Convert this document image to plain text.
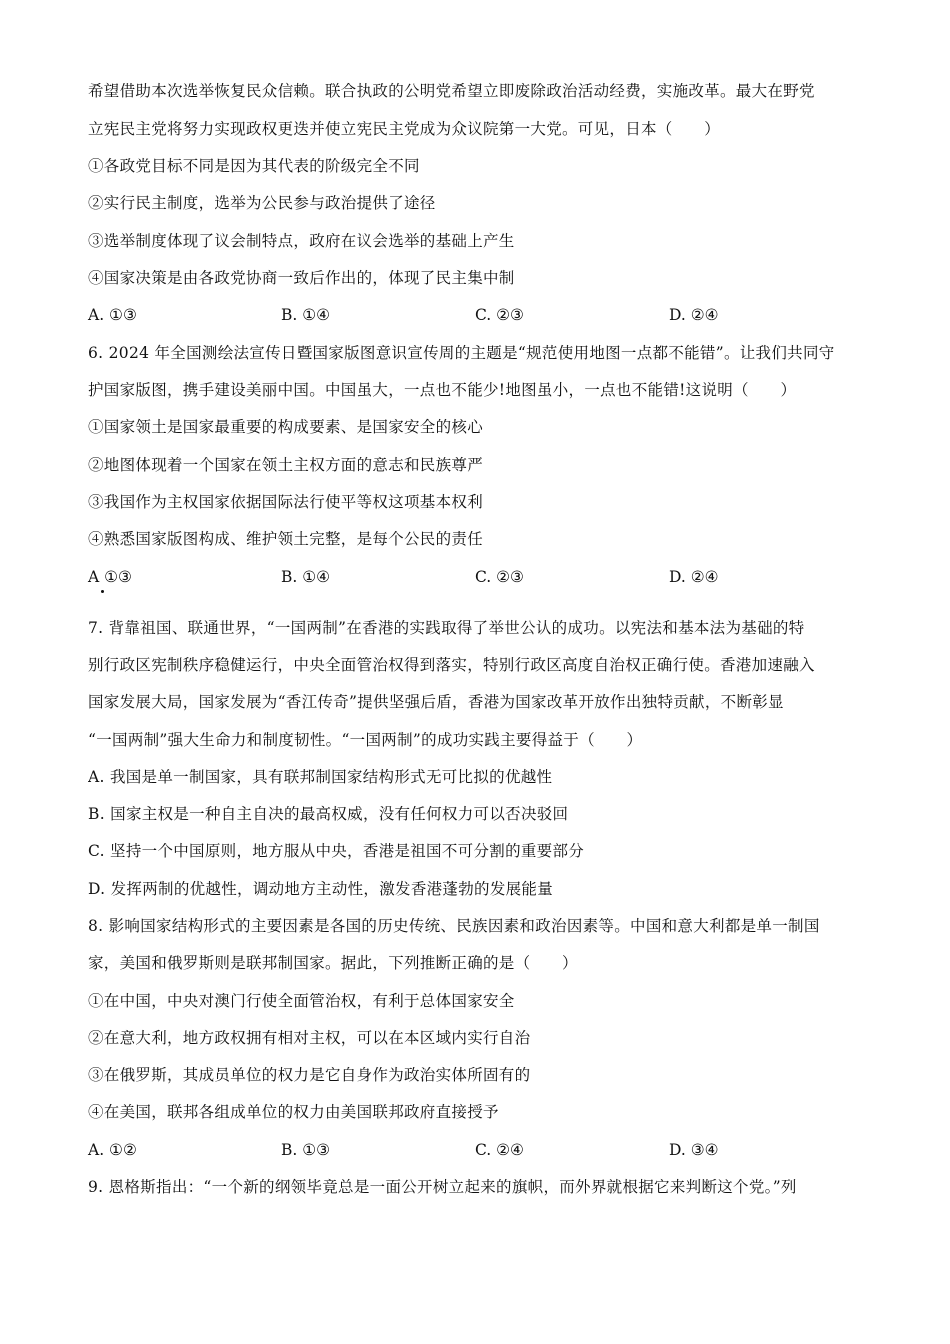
希望借助本次选举恢复民众信赖。联合执政的公明党希望立即废除政治活动经费，实施改革。最大在野党
立宪民主党将努力实现政权更迭并使立宪民主党成为众议院第一大党。可见，日本（　　）
①各政党目标不同是因为其代表的阶级完全不同
②实行民主制度，选举为公民参与政治提供了途径
③选举制度体现了议会制特点，政府在议会选举的基础上产生
④国家决策是由各政党协商一致后作出的，体现了民主集中制
A. ①③	B. ①④	C. ②③	D. ②④
6. 2024 年全国测绘法宣传日暨国家版图意识宣传周的主题是“规范使用地图一点都不能错”。让我们共同守
护国家版图，携手建设美丽中国。中国虽大，一点也不能少!地图虽小，一点也不能错!这说明（　　）
①国家领土是国家最重要的构成要素、是国家安全的核心
②地图体现着一个国家在领土主权方面的意志和民族尊严
③我国作为主权国家依据国际法行使平等权这项基本权利
④熟悉国家版图构成、维护领土完整，是每个公民的责任
A ①③	B. ①④	C. ②③	D. ②④
7. 背靠祖国、联通世界，“一国两制”在香港的实践取得了举世公认的成功。以宪法和基本法为基础的特
别行政区宪制秩序稳健运行，中央全面管治权得到落实，特别行政区高度自治权正确行使。香港加速融入
国家发展大局，国家发展为“香江传奇”提供坚强后盾，香港为国家改革开放作出独特贡献，不断彰显
“一国两制”强大生命力和制度韧性。“一国两制”的成功实践主要得益于（　　）
A. 我国是单一制国家，具有联邦制国家结构形式无可比拟的优越性
B. 国家主权是一种自主自决的最高权威，没有任何权力可以否决驳回
C. 坚持一个中国原则，地方服从中央，香港是祖国不可分割的重要部分
D. 发挥两制的优越性，调动地方主动性，激发香港蓬勃的发展能量
8. 影响国家结构形式的主要因素是各国的历史传统、民族因素和政治因素等。中国和意大利都是单一制国
家，美国和俄罗斯则是联邦制国家。据此，下列推断正确的是（　　）
①在中国，中央对澳门行使全面管治权，有利于总体国家安全
②在意大利，地方政权拥有相对主权，可以在本区域内实行自治
③在俄罗斯，其成员单位的权力是它自身作为政治实体所固有的
④在美国，联邦各组成单位的权力由美国联邦政府直接授予
A. ①②	B. ①③	C. ②④	D. ③④
9. 恩格斯指出：“一个新的纲领毕竟总是一面公开树立起来的旗帜，而外界就根据它来判断这个党。”列
